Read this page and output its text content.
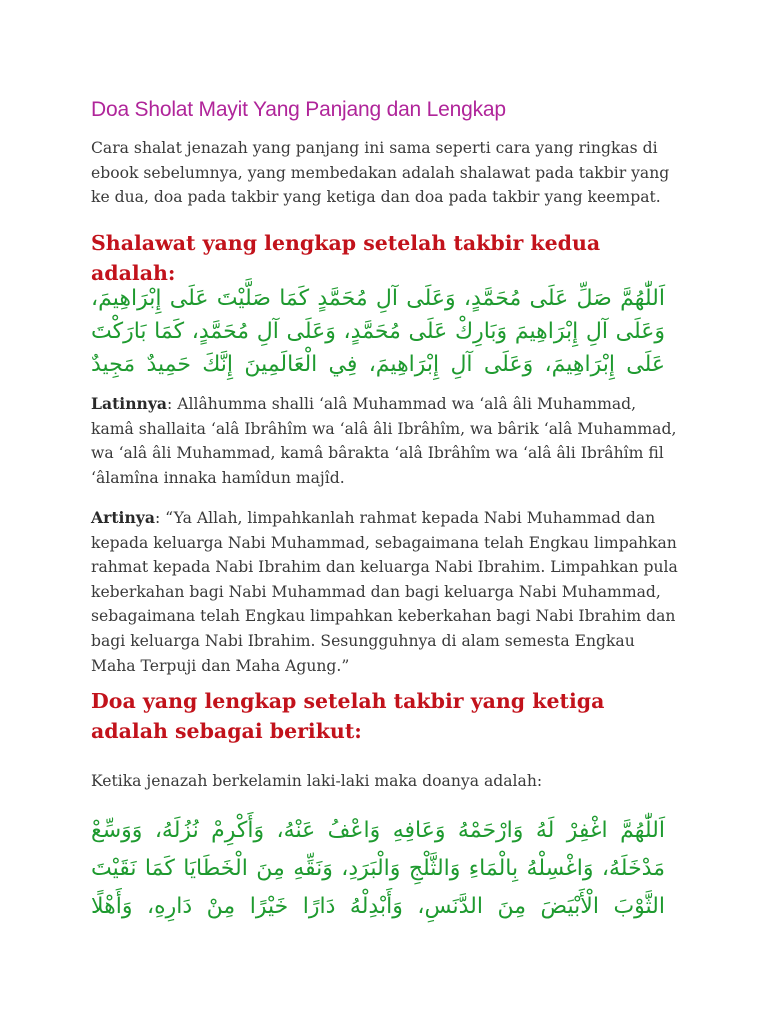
Doa Sholat Mayit Yang Panjang dan Lengkap

Cara shalat jenazah yang panjang ini sama seperti cara yang ringkas di ebook sebelumnya, yang membedakan adalah shalawat pada takbir yang ke dua, doa pada takbir yang ketiga dan doa pada takbir yang keempat.

Shalawat yang lengkap setelah takbir kedua adalah:

اَللّٰهُمَّ صَلِّ عَلَى مُحَمَّدٍ، وَعَلَى آلِ مُحَمَّدٍ كَمَا صَلَّيْتَ عَلَى إِبْرَاهِيمَ، وَعَلَى آلِ إِبْرَاهِيمَ وَبَارِكْ عَلَى مُحَمَّدٍ، وَعَلَى آلِ مُحَمَّدٍ، كَمَا بَارَكْتَ عَلَى إِبْرَاهِيمَ، وَعَلَى آلِ إِبْرَاهِيمَ، فِي الْعَالَمِينَ إِنَّكَ حَمِيدٌ مَجِيدٌ

Latinnya: Allâhumma shalli ‘alâ Muhammad wa ‘alâ âli Muhammad, kamâ shallaita ‘alâ Ibrâhîm wa ‘alâ âli Ibrâhîm, wa bârik ‘alâ Muhammad, wa ‘alâ âli Muhammad, kamâ bârakta ‘alâ Ibrâhîm wa ‘alâ âli Ibrâhîm fil ‘âlamîna innaka hamîdun majîd.

Artinya: “Ya Allah, limpahkanlah rahmat kepada Nabi Muhammad dan kepada keluarga Nabi Muhammad, sebagaimana telah Engkau limpahkan rahmat kepada Nabi Ibrahim dan keluarga Nabi Ibrahim. Limpahkan pula keberkahan bagi Nabi Muhammad dan bagi keluarga Nabi Muhammad, sebagaimana telah Engkau limpahkan keberkahan bagi Nabi Ibrahim dan bagi keluarga Nabi Ibrahim. Sesungguhnya di alam semesta Engkau Maha Terpuji dan Maha Agung.”

Doa yang lengkap setelah takbir yang ketiga adalah sebagai berikut:

Ketika jenazah berkelamin laki-laki maka doanya adalah:

اَللّٰهُمَّ اغْفِرْ لَهُ وَارْحَمْهُ وَعَافِهِ وَاعْفُ عَنْهُ، وَأَكْرِمْ نُزُلَهُ، وَوَسِّعْ مَدْخَلَهُ، وَاغْسِلْهُ بِالْمَاءِ وَالثَّلْجِ وَالْبَرَدِ، وَنَقِّهِ مِنَ الْخَطَايَا كَمَا نَقَيْتَ الثَّوْبَ الْأَبْيَضَ مِنَ الدَّنَسِ، وَأَبْدِلْهُ دَارًا خَيْرًا مِنْ دَارِهِ، وَأَهْلًا
